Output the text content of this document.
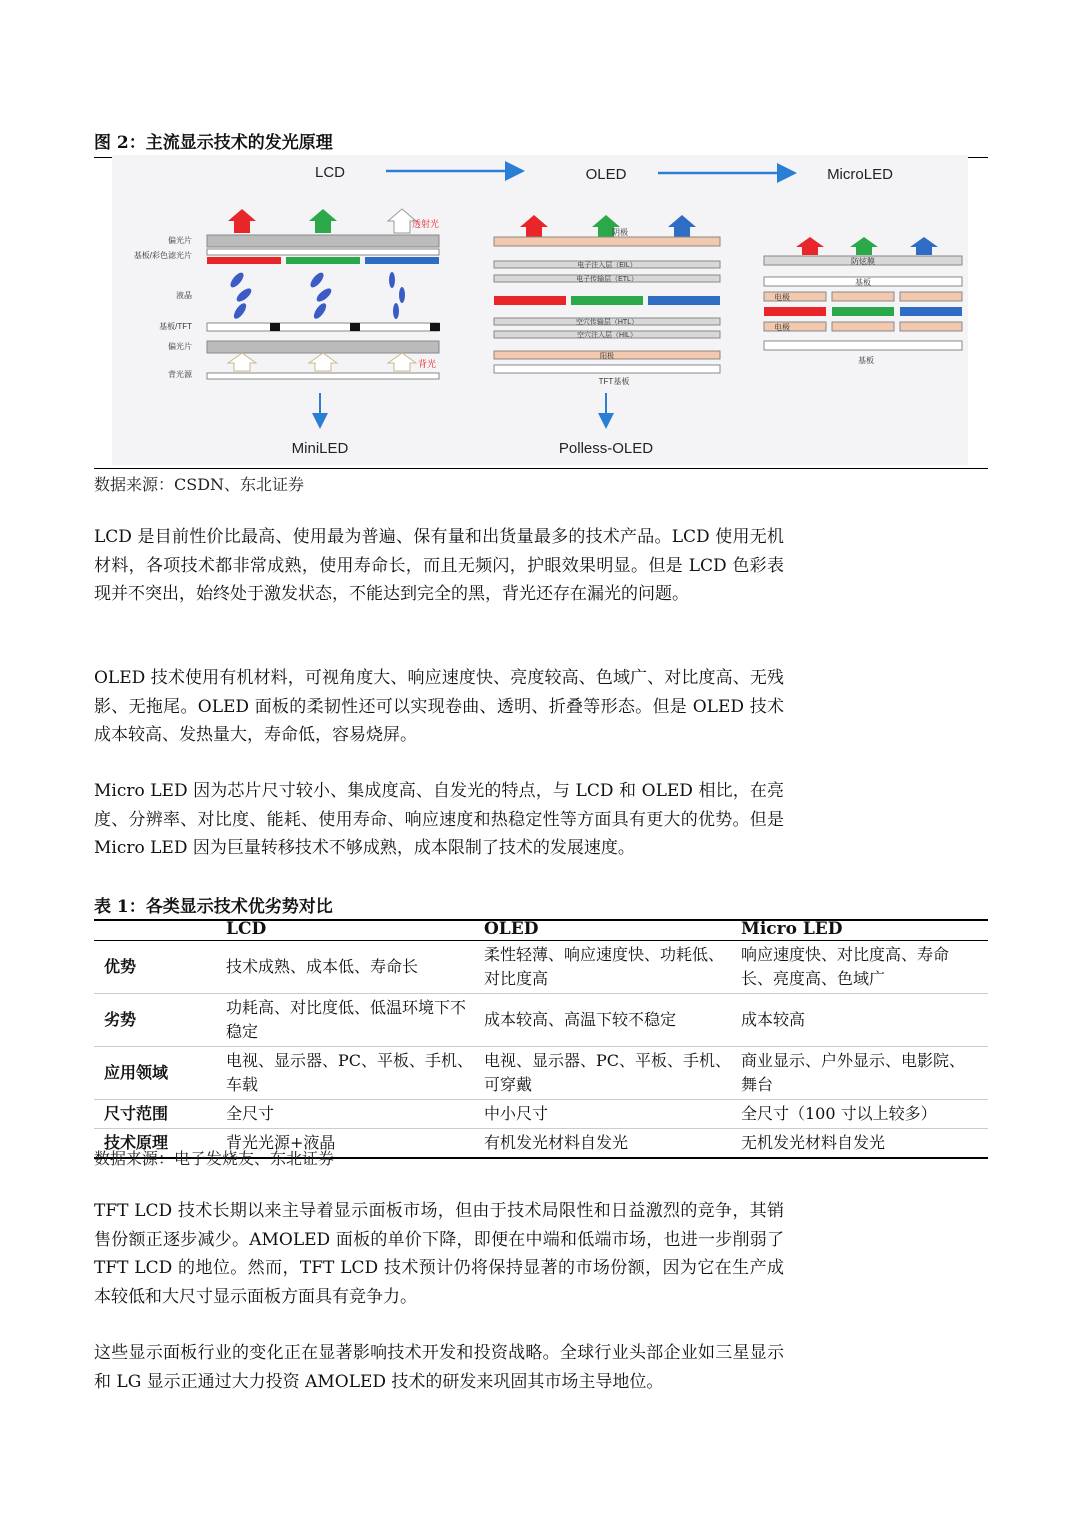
图 2：主流显示技术的发光原理
LCD	OLED	MicroLED
透射光
背光
偏光片
基板/彩色滤光片
液晶
基板/TFT
偏光片
背光源
MiniLED
阴极
电子注入层（EIL）
电子传输层（ETL）
空穴传输层（HTL）
空穴注入层（HIL）
阳极
TFT基板
Polless-OLED
防炫膜
基板
电极
电极
基板
数据来源：CSDN、东北证券

LCD 是目前性价比最高、使用最为普遍、保有量和出货量最多的技术产品。LCD 使用无机材料，各项技术都非常成熟，使用寿命长，而且无频闪，护眼效果明显。但是 LCD 色彩表现并不突出，始终处于激发状态，不能达到完全的黑，背光还存在漏光的问题。

OLED 技术使用有机材料，可视角度大、响应速度快、亮度较高、色域广、对比度高、无残影、无拖尾。OLED 面板的柔韧性还可以实现卷曲、透明、折叠等形态。但是 OLED 技术成本较高、发热量大，寿命低，容易烧屏。

Micro LED 因为芯片尺寸较小、集成度高、自发光的特点，与 LCD 和 OLED 相比，在亮度、分辨率、对比度、能耗、使用寿命、响应速度和热稳定性等方面具有更大的优势。但是 Micro LED 因为巨量转移技术不够成熟，成本限制了技术的发展速度。

表 1：各类显示技术优劣势对比
	LCD	OLED	Micro LED
优势	技术成熟、成本低、寿命长	柔性轻薄、响应速度快、功耗低、对比度高	响应速度快、对比度高、寿命长、亮度高、色域广
劣势	功耗高、对比度低、低温环境下不稳定	成本较高、高温下较不稳定	成本较高
应用领域	电视、显示器、PC、平板、手机、车载	电视、显示器、PC、平板、手机、可穿戴	商业显示、户外显示、电影院、舞台
尺寸范围	全尺寸	中小尺寸	全尺寸（100 寸以上较多）
技术原理	背光光源+液晶	有机发光材料自发光	无机发光材料自发光
数据来源：电子发烧友、东北证券

TFT LCD 技术长期以来主导着显示面板市场，但由于技术局限性和日益激烈的竞争，其销售份额正逐步减少。AMOLED 面板的单价下降，即便在中端和低端市场，也进一步削弱了 TFT LCD 的地位。然而，TFT LCD 技术预计仍将保持显著的市场份额，因为它在生产成本较低和大尺寸显示面板方面具有竞争力。

这些显示面板行业的变化正在显著影响技术开发和投资战略。全球行业头部企业如三星显示和 LG 显示正通过大力投资 AMOLED 技术的研发来巩固其市场主导地位。
